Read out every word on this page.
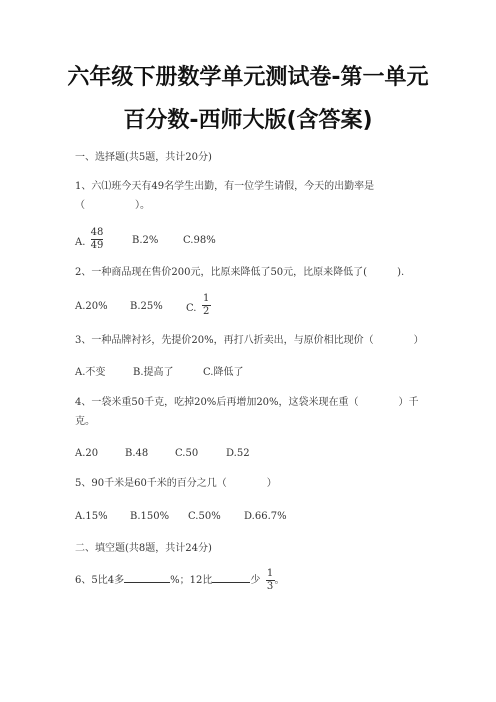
六年级下册数学单元测试卷-第一单元
百分数-西师大版(含答案)
一、选择题(共5题，共计20分)
1、六⑴班今天有49名学生出勤，有一位学生请假，今天的出勤率是
（　　　　　）。
A. $\frac{48}{49}$	B.2% C.98%
2、一种商品现在售价200元，比原来降低了50元，比原来降低了(　　　).
A.20% B.25% C. $\frac{1}{2}$
3、一种品牌衬衫，先提价20%，再打八折卖出，与原价相比现价（　　　　）
A.不变	B.提高了	C.降低了
4、一袋米重50千克，吃掉20%后再增加20%，这袋米现在重（　　　　）千
克。
A.20	B.48	C.50	D.52
5、90千米是60千米的百分之几（　　　　）
A.15% B.150% C.50% D.66.7%
二、填空题(共8题，共计24分)
6、5比4多	%；12比	少 $\frac{1}{3}$ 。
